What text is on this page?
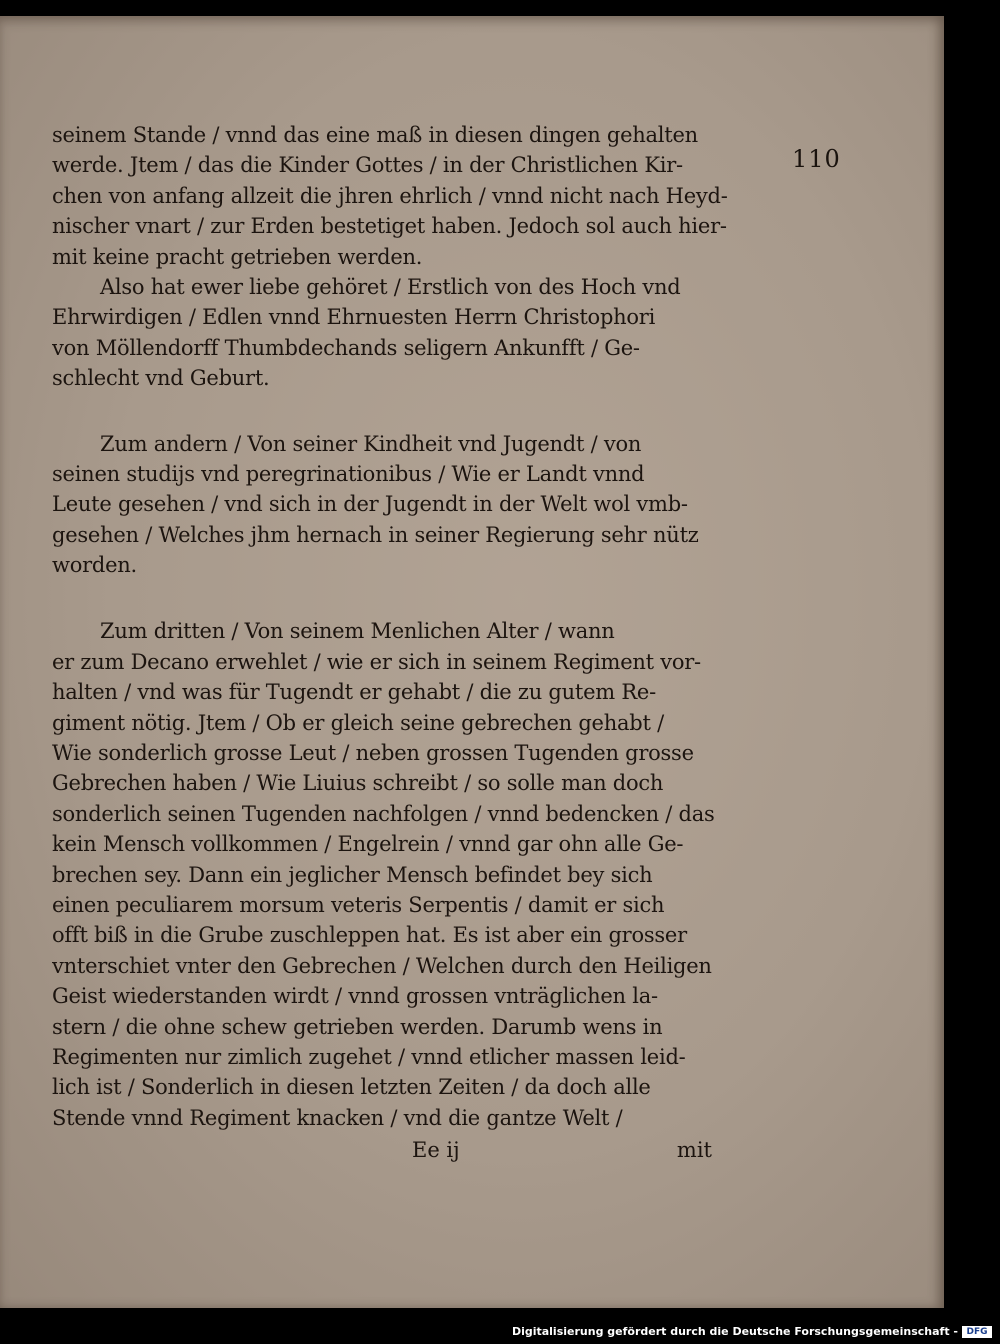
110
seinem Stande / vnnd das eine maß in diesen dingen gehalten
werde. Jtem / das die Kinder Gottes / in der Christlichen Kir-
chen von anfang allzeit die jhren ehrlich / vnnd nicht nach Heyd-
nischer vnart / zur Erden bestetiget haben. Jedoch sol auch hier-
mit keine pracht getrieben werden.
Also hat ewer liebe gehöret / Erstlich von des Hoch vnd
Ehrwirdigen / Edlen vnnd Ehrnuesten Herrn Christophori
von Möllendorff Thumbdechands seligern Ankunfft / Ge-
schlecht vnd Geburt.
Zum andern / Von seiner Kindheit vnd Jugendt / von
seinen studijs vnd peregrinationibus / Wie er Landt vnnd
Leute gesehen / vnd sich in der Jugendt in der Welt wol vmb-
gesehen / Welches jhm hernach in seiner Regierung sehr nütz
worden.
Zum dritten / Von seinem Menlichen Alter / wann
er zum Decano erwehlet / wie er sich in seinem Regiment vor-
halten / vnd was für Tugendt er gehabt / die zu gutem Re-
giment nötig. Jtem / Ob er gleich seine gebrechen gehabt /
Wie sonderlich grosse Leut / neben grossen Tugenden grosse
Gebrechen haben / Wie Liuius schreibt / so solle man doch
sonderlich seinen Tugenden nachfolgen / vnnd bedencken / das
kein Mensch vollkommen / Engelrein / vnnd gar ohn alle Ge-
brechen sey. Dann ein jeglicher Mensch befindet bey sich
einen peculiarem morsum veteris Serpentis / damit er sich
offt biß in die Grube zuschleppen hat. Es ist aber ein grosser
vnterschiet vnter den Gebrechen / Welchen durch den Heiligen
Geist wiederstanden wirdt / vnnd grossen vnträglichen la-
stern / die ohne schew getrieben werden. Darumb wens in
Regimenten nur zimlich zugehet / vnnd etlicher massen leid-
lich ist / Sonderlich in diesen letzten Zeiten / da doch alle
Stende vnnd Regiment knacken / vnd die gantze Welt /
Ee ij	mit
Digitalisierung gefördert durch die Deutsche Forschungsgemeinschaft - DFG
